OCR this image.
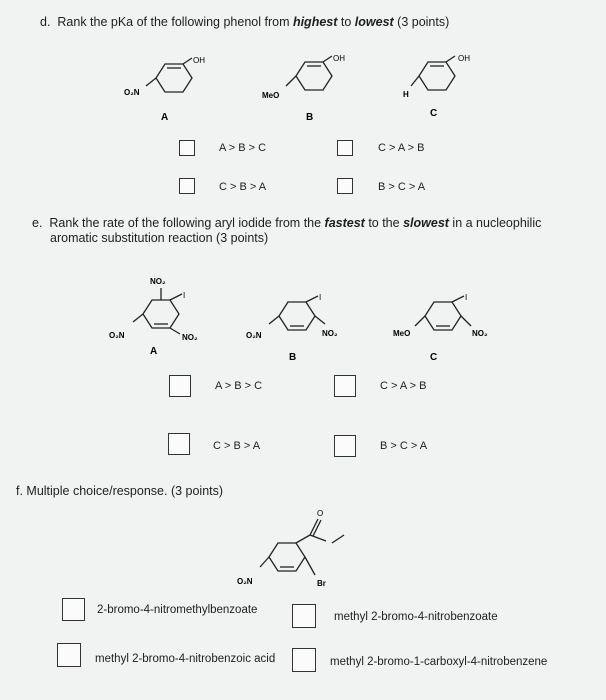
d. Rank the pKa of the following phenol from highest to lowest (3 points)
OH
O₂N
OH
MeO
OH
H
A	B	C
A > B > C	C > A > B
C > B > A	B > C > A
e. Rank the rate of the following aryl iodide from the fastest to the slowest in a nucleophilic aromatic substitution reaction (3 points)
NO₂
I
O₂N	NO₂
I
O₂N	NO₂
I
MeO	NO₂
A
B	C
A > B > C	C > A > B
C > B > A	B > C > A
f. Multiple choice/response. (3 points)
O
O₂N	Br
2-bromo-4-nitromethylbenzoate
methyl 2-bromo-4-nitrobenzoate
methyl 2-bromo-4-nitrobenzoic acid	methyl 2-bromo-1-carboxyl-4-nitrobenzene
